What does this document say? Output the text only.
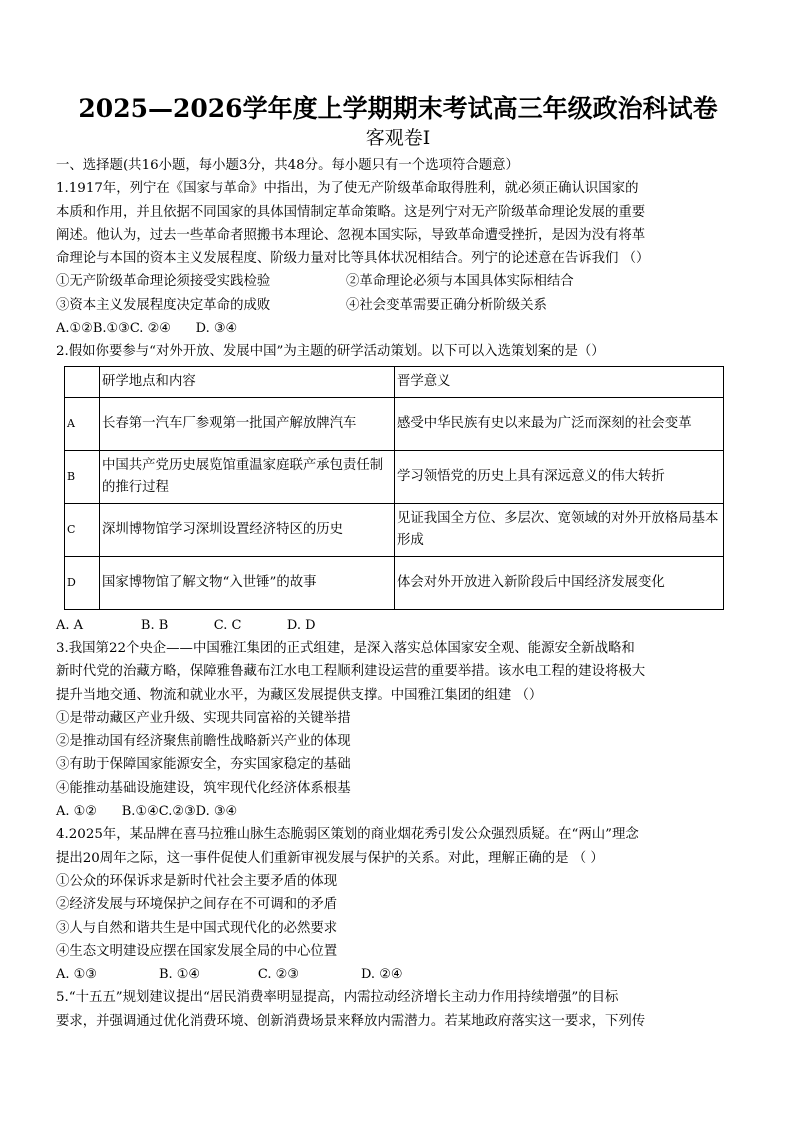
2025—2026学年度上学期期末考试高三年级政治科试卷
客观卷Ⅰ
一、选择题(共16小题，每小题3分，共48分。每小题只有一个选项符合题意）
1.1917年，列宁在《国家与革命》中指出，为了使无产阶级革命取得胜利，就必须正确认识国家的
本质和作用，并且依据不同国家的具体国情制定革命策略。这是列宁对无产阶级革命理论发展的重要
阐述。他认为，过去一些革命者照搬书本理论、忽视本国实际，导致革命遭受挫折，是因为没有将革
命理论与本国的资本主义发展程度、阶级力量对比等具体状况相结合。列宁的论述意在告诉我们 （）
①无产阶级革命理论须接受实践检验	②革命理论必须与本国具体实际相结合
③资本主义发展程度决定革命的成败	④社会变革需要正确分析阶级关系
A.①②B.①③C. ②④      D. ③④
2.假如你要参与“对外开放、发展中国”为主题的研学活动策划。以下可以入选策划案的是（）
	研学地点和内容	晋学意义
A	长春第一汽车厂参观第一批国产解放牌汽车	感受中华民族有史以来最为广泛而深刻的社会变革
B	中国共产党历史展览馆重温家庭联产承包责任制的推行过程	学习领悟党的历史上具有深远意义的伟大转折
C	深圳博物馆学习深圳设置经济特区的历史	见证我国全方位、多层次、宽领域的对外开放格局基本形成
D	国家博物馆了解文物“入世锤”的故事	体会对外开放进入新阶段后中国经济发展变化
A. A              B. B           C. C           D. D
3.我国第22个央企——中国雅江集团的正式组建，是深入落实总体国家安全观、能源安全新战略和
新时代党的治藏方略，保障雅鲁藏布江水电工程顺利建设运营的重要举措。该水电工程的建设将极大
提升当地交通、物流和就业水平，为藏区发展提供支撑。中国雅江集团的组建 （）
①是带动藏区产业升级、实现共同富裕的关键举措
②是推动国有经济聚焦前瞻性战略新兴产业的体现
③有助于保障国家能源安全，夯实国家稳定的基础
④能推动基础设施建设，筑牢现代化经济体系根基
A. ①②      B.①④C.②③D. ③④
4.2025年，某品牌在喜马拉雅山脉生态脆弱区策划的商业烟花秀引发公众强烈质疑。在“两山”理念
提出20周年之际，这一事件促使人们重新审视发展与保护的关系。对此，理解正确的是 （ ）
①公众的环保诉求是新时代社会主要矛盾的体现
②经济发展与环境保护之间存在不可调和的矛盾
③人与自然和谐共生是中国式现代化的必然要求
④生态文明建设应摆在国家发展全局的中心位置
A. ①③               B. ①④              C. ②③               D. ②④
5.“十五五”规划建议提出“居民消费率明显提高，内需拉动经济增长主动力作用持续增强”的目标
要求，并强调通过优化消费环境、创新消费场景来释放内需潜力。若某地政府落实这一要求，下列传
